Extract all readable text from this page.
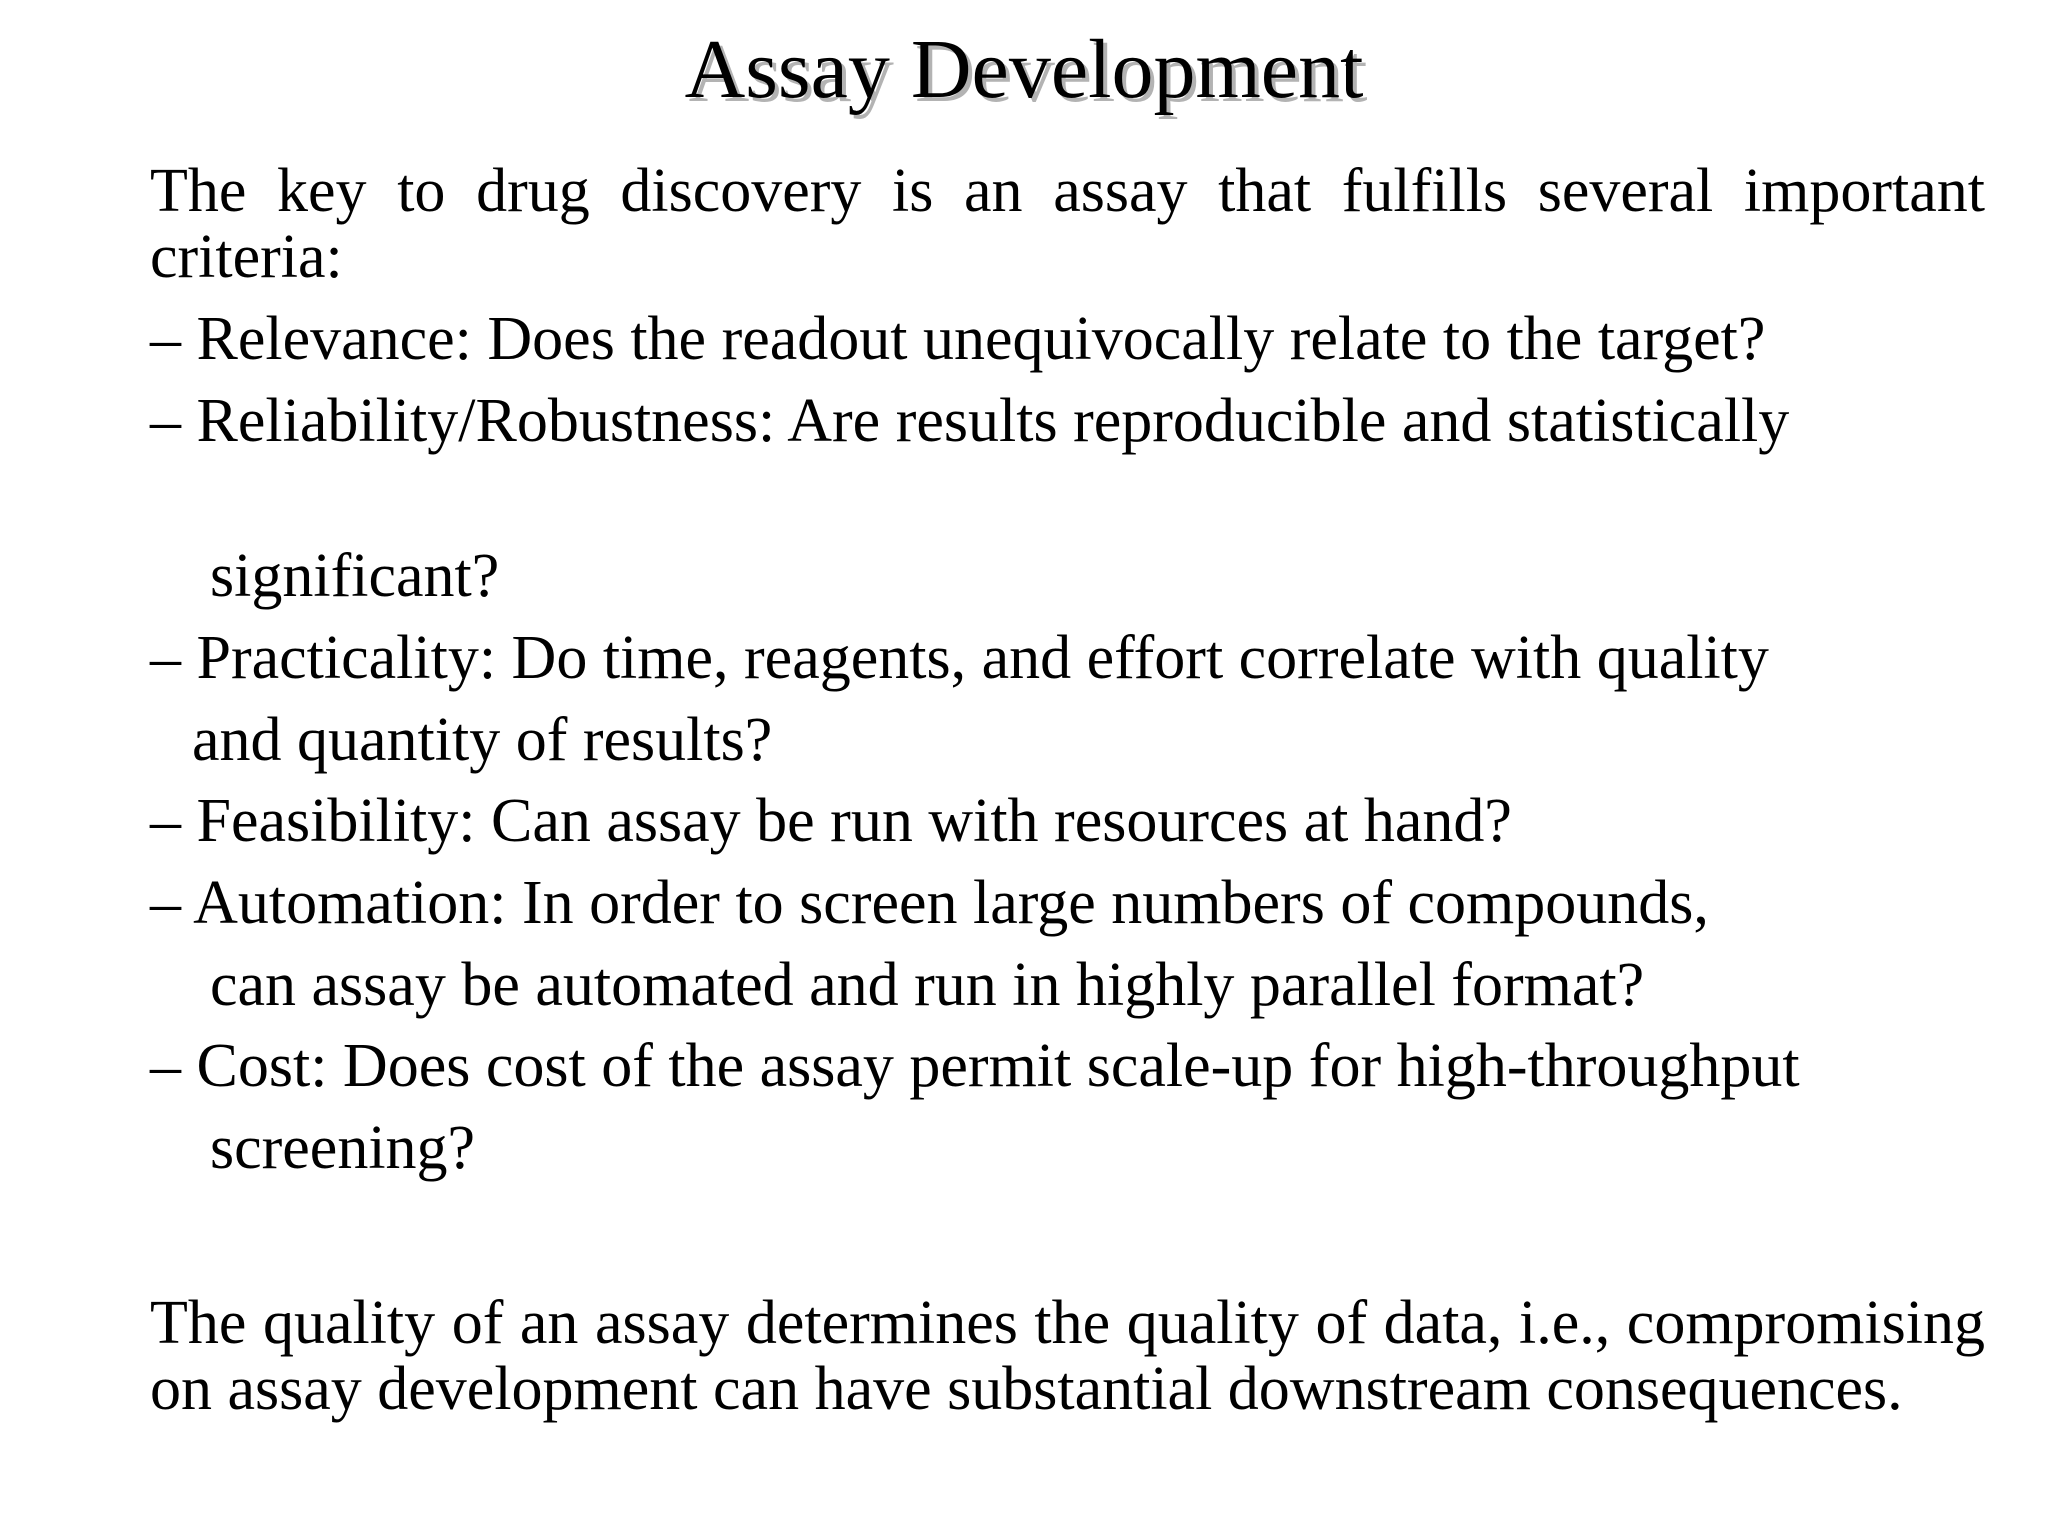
Assay Development

The key to drug discovery is an assay that fulfills several important criteria:

– Relevance: Does the readout unequivocally relate to the target?
– Reliability/Robustness: Are results reproducible and statistically
significant?
– Practicality: Do time, reagents, and effort correlate with quality
and quantity of results?
– Feasibility: Can assay be run with resources at hand?
– Automation: In order to screen large numbers of compounds,
can assay be automated and run in highly parallel format?
– Cost: Does cost of the assay permit scale-up for high-throughput
screening?

The quality of an assay determines the quality of data, i.e., compromising on assay development can have substantial downstream consequences.
